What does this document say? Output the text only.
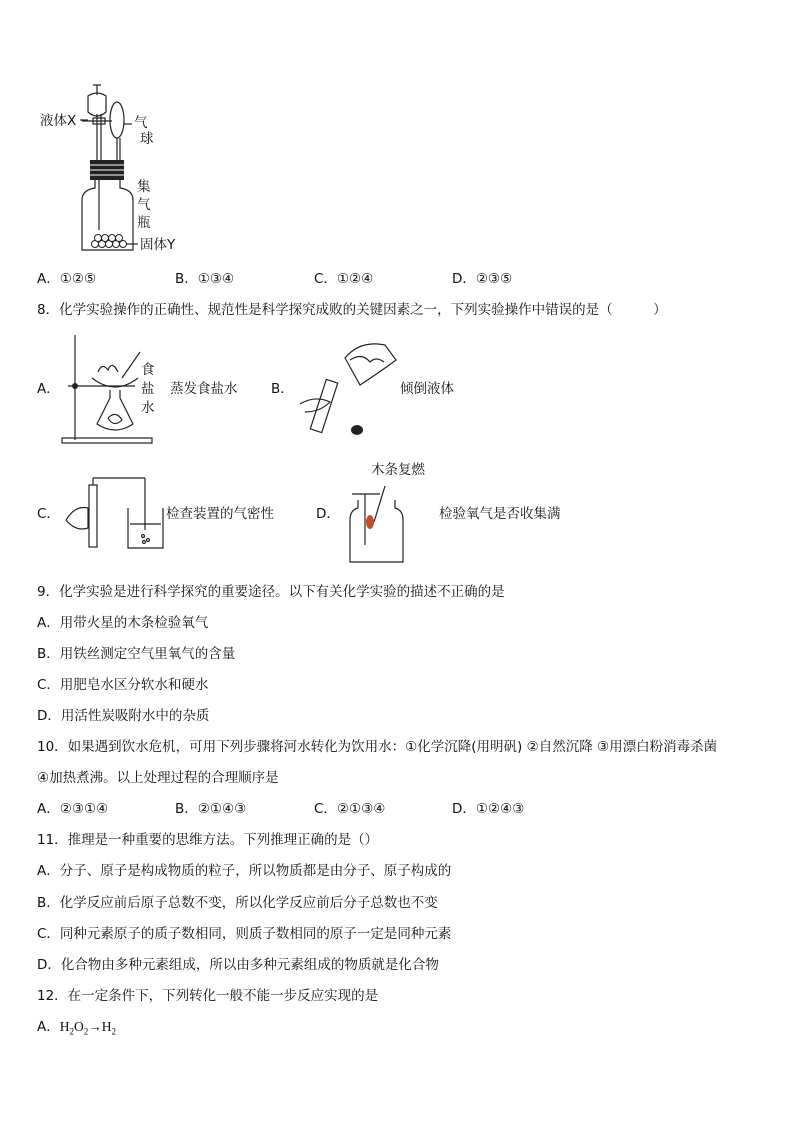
液体X	气
球
集
气
瓶
固体Y
A．①②⑤	B．①③④	C．①②④	D．②③⑤
8．化学实验操作的正确性、规范性是科学探究成败的关键因素之一，下列实验操作中错误的是（　　　）
A．
食
盐
水
蒸发食盐水 B．	倾倒液体
C．	检查装置的气密性	D．
木条复燃
检验氧气是否收集满
9．化学实验是进行科学探究的重要途径。以下有关化学实验的描述不正确的是
A．用带火星的木条检验氧气
B．用铁丝测定空气里氧气的含量
C．用肥皂水区分软水和硬水
D．用活性炭吸附水中的杂质
10．如果遇到饮水危机，可用下列步骤将河水转化为饮用水：①化学沉降(用明矾) ②自然沉降 ③用漂白粉消毒杀菌
④加热煮沸。以上处理过程的合理顺序是
A．②③①④	B．②①④③	C．②①③④	D．①②④③
11．推理是一种重要的思维方法。下列推理正确的是（）
A．分子、原子是构成物质的粒子，所以物质都是由分子、原子构成的
B．化学反应前后原子总数不变，所以化学反应前后分子总数也不变
C．同种元素原子的质子数相同，则质子数相同的原子一定是同种元素
D．化合物由多种元素组成，所以由多种元素组成的物质就是化合物
12．在一定条件下，下列转化一般不能一步反应实现的是
A．$H_2O_2\to H_2$
